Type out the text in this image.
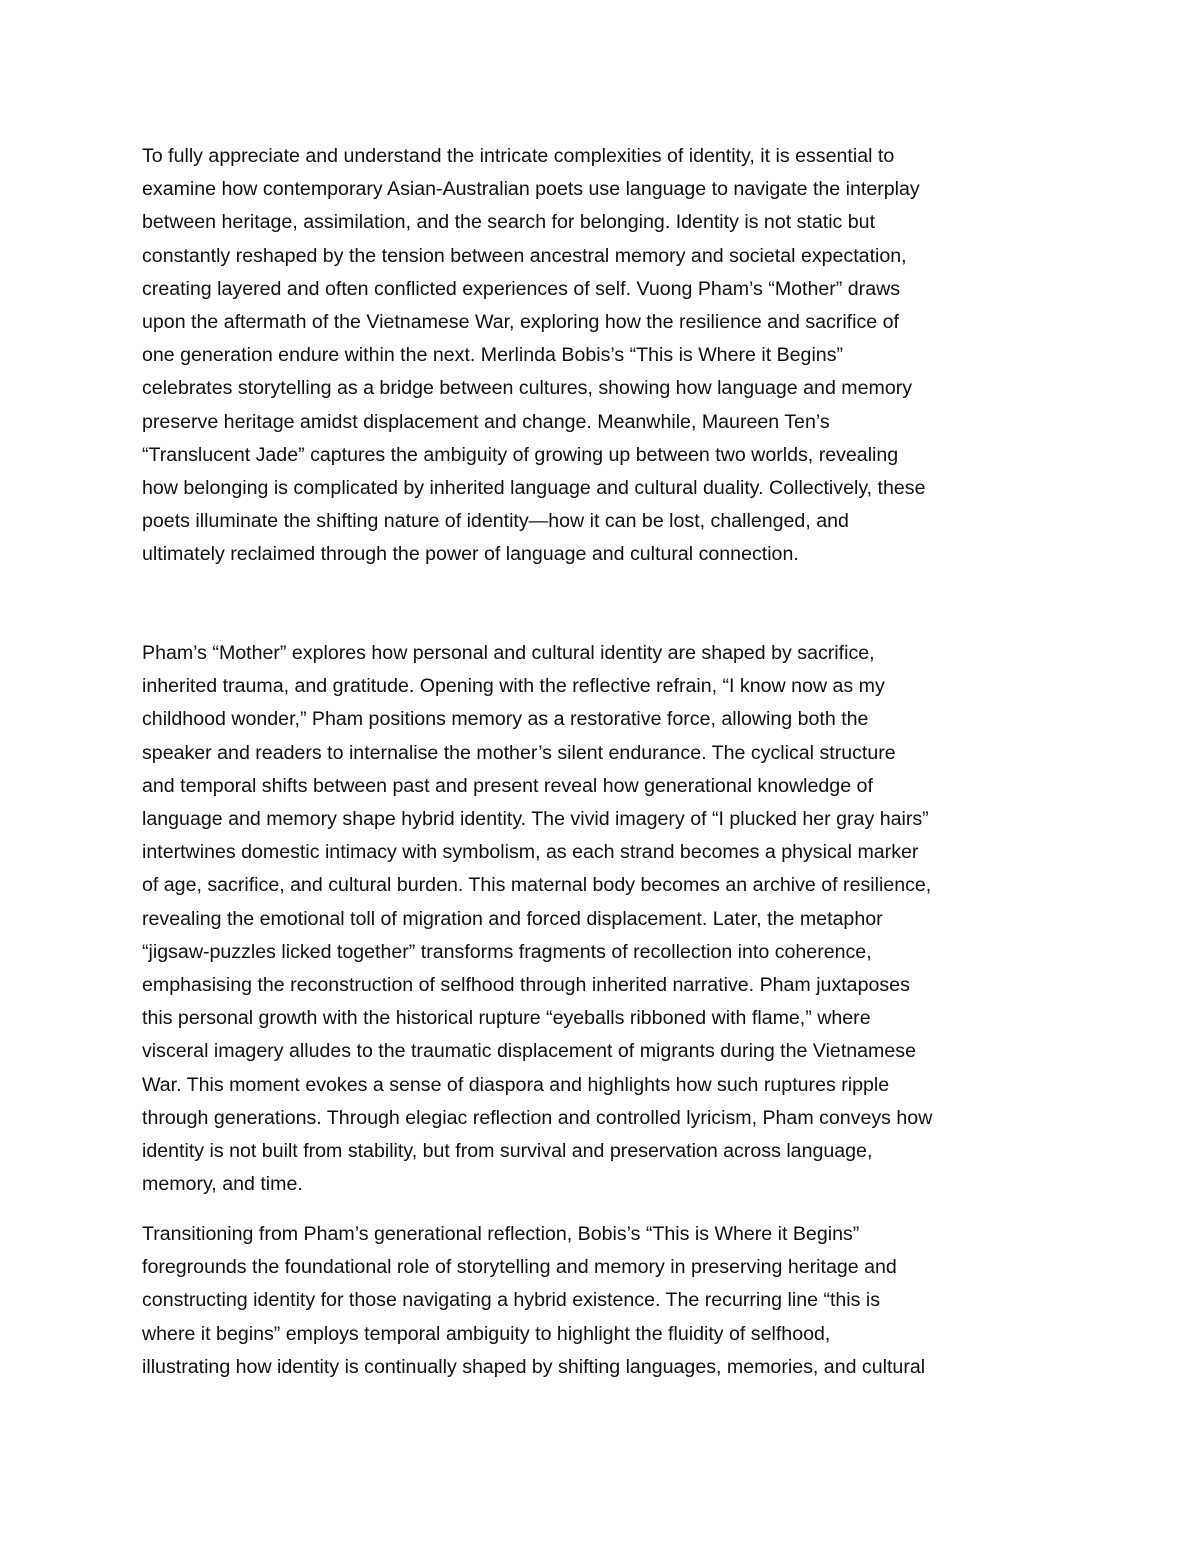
To fully appreciate and understand the intricate complexities of identity, it is essential to
examine how contemporary Asian-Australian poets use language to navigate the interplay
between heritage, assimilation, and the search for belonging. Identity is not static but
constantly reshaped by the tension between ancestral memory and societal expectation,
creating layered and often conflicted experiences of self. Vuong Pham’s “Mother” draws
upon the aftermath of the Vietnamese War, exploring how the resilience and sacrifice of
one generation endure within the next. Merlinda Bobis’s “This is Where it Begins”
celebrates storytelling as a bridge between cultures, showing how language and memory
preserve heritage amidst displacement and change. Meanwhile, Maureen Ten’s
“Translucent Jade” captures the ambiguity of growing up between two worlds, revealing
how belonging is complicated by inherited language and cultural duality. Collectively, these
poets illuminate the shifting nature of identity—how it can be lost, challenged, and
ultimately reclaimed through the power of language and cultural connection.

Pham’s “Mother” explores how personal and cultural identity are shaped by sacrifice,
inherited trauma, and gratitude. Opening with the reflective refrain, “I know now as my
childhood wonder,” Pham positions memory as a restorative force, allowing both the
speaker and readers to internalise the mother’s silent endurance. The cyclical structure
and temporal shifts between past and present reveal how generational knowledge of
language and memory shape hybrid identity. The vivid imagery of “I plucked her gray hairs”
intertwines domestic intimacy with symbolism, as each strand becomes a physical marker
of age, sacrifice, and cultural burden. This maternal body becomes an archive of resilience,
revealing the emotional toll of migration and forced displacement. Later, the metaphor
“jigsaw-puzzles licked together” transforms fragments of recollection into coherence,
emphasising the reconstruction of selfhood through inherited narrative. Pham juxtaposes
this personal growth with the historical rupture “eyeballs ribboned with flame,” where
visceral imagery alludes to the traumatic displacement of migrants during the Vietnamese
War. This moment evokes a sense of diaspora and highlights how such ruptures ripple
through generations. Through elegiac reflection and controlled lyricism, Pham conveys how
identity is not built from stability, but from survival and preservation across language,
memory, and time.

Transitioning from Pham’s generational reflection, Bobis’s “This is Where it Begins”
foregrounds the foundational role of storytelling and memory in preserving heritage and
constructing identity for those navigating a hybrid existence. The recurring line “this is
where it begins” employs temporal ambiguity to highlight the fluidity of selfhood,
illustrating how identity is continually shaped by shifting languages, memories, and cultural
